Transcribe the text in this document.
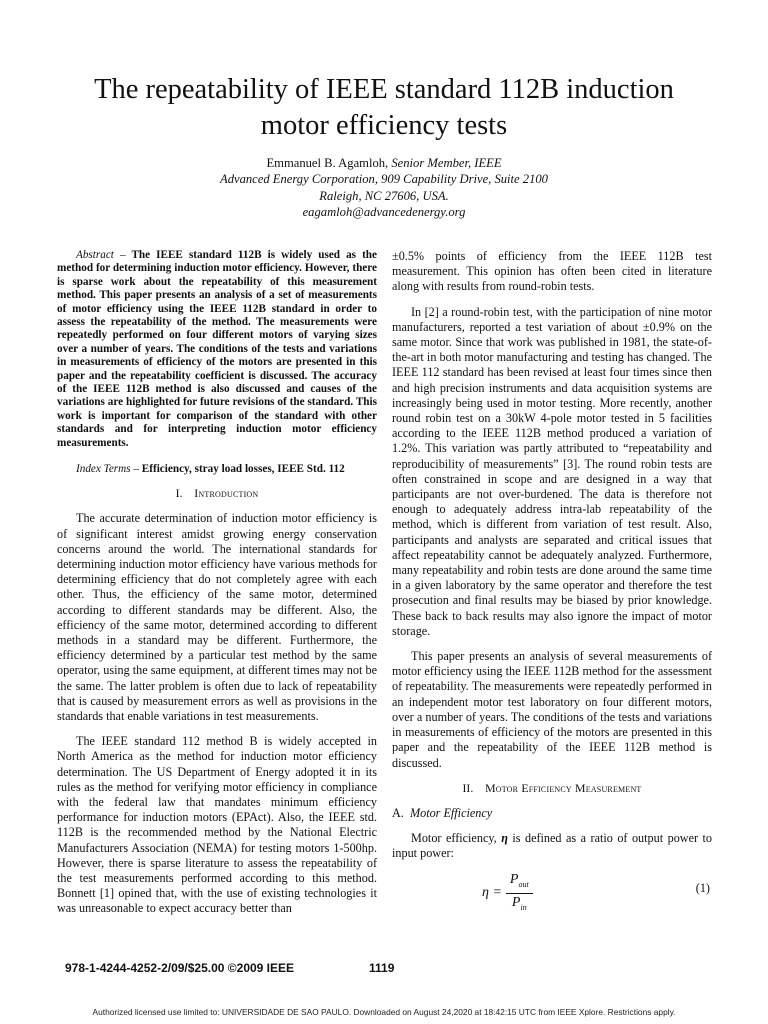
The repeatability of IEEE standard 112B induction
motor efficiency tests
Emmanuel B. Agamloh, Senior Member, IEEE
Advanced Energy Corporation, 909 Capability Drive, Suite 2100
Raleigh, NC 27606, USA.
eagamloh@advancedenergy.org

Abstract – The IEEE standard 112B is widely used as the method for determining induction motor efficiency. However, there is sparse work about the repeatability of this measurement method. This paper presents an analysis of a set of measurements of motor efficiency using the IEEE 112B standard in order to assess the repeatability of the method. The measurements were repeatedly performed on four different motors of varying sizes over a number of years. The conditions of the tests and variations in measurements of efficiency of the motors are presented in this paper and the repeatability coefficient is discussed. The accuracy of the IEEE 112B method is also discussed and causes of the variations are highlighted for future revisions of the standard. This work is important for comparison of the standard with other standards and for interpreting induction motor efficiency measurements.

Index Terms – Efficiency, stray load losses, IEEE Std. 112

I. Introduction

The accurate determination of induction motor efficiency is of significant interest amidst growing energy conservation concerns around the world. The international standards for determining induction motor efficiency have various methods for determining efficiency that do not completely agree with each other. Thus, the efficiency of the same motor, determined according to different standards may be different. Also, the efficiency of the same motor, determined according to different methods in a standard may be different. Furthermore, the efficiency determined by a particular test method by the same operator, using the same equipment, at different times may not be the same. The latter problem is often due to lack of repeatability that is caused by measurement errors as well as provisions in the standards that enable variations in test measurements.

The IEEE standard 112 method B is widely accepted in North America as the method for induction motor efficiency determination. The US Department of Energy adopted it in its rules as the method for verifying motor efficiency in compliance with the federal law that mandates minimum efficiency performance for induction motors (EPAct). Also, the IEEE std. 112B is the recommended method by the National Electric Manufacturers Association (NEMA) for testing motors 1-500hp. However, there is sparse literature to assess the repeatability of the test measurements performed according to this method. Bonnett [1] opined that, with the use of existing technologies it was unreasonable to expect accuracy better than

±0.5% points of efficiency from the IEEE 112B test measurement. This opinion has often been cited in literature along with results from round-robin tests.

In [2] a round-robin test, with the participation of nine motor manufacturers, reported a test variation of about ±0.9% on the same motor. Since that work was published in 1981, the state-of-the-art in both motor manufacturing and testing has changed. The IEEE 112 standard has been revised at least four times since then and high precision instruments and data acquisition systems are increasingly being used in motor testing. More recently, another round robin test on a 30kW 4-pole motor tested in 5 facilities according to the IEEE 112B method produced a variation of 1.2%. This variation was partly attributed to “repeatability and reproducibility of measurements” [3]. The round robin tests are often constrained in scope and are designed in a way that participants are not over-burdened. The data is therefore not enough to adequately address intra-lab repeatability of the method, which is different from variation of test result. Also, participants and analysts are separated and critical issues that affect repeatability cannot be adequately analyzed. Furthermore, many repeatability and robin tests are done around the same time in a given laboratory by the same operator and therefore the test prosecution and final results may be biased by prior knowledge. These back to back results may also ignore the impact of motor storage.

This paper presents an analysis of several measurements of motor efficiency using the IEEE 112B method for the assessment of repeatability. The measurements were repeatedly performed in an independent motor test laboratory on four different motors, over a number of years. The conditions of the tests and variations in measurements of efficiency of the motors are presented in this paper and the repeatability of the IEEE 112B method is discussed.

II. Motor Efficiency Measurement

A. Motor Efficiency

Motor efficiency, η is defined as a ratio of output power to input power:

$\eta = \frac{P_{out}}{P_{in}}$	(1)
978-1-4244-4252-2/09/$25.00 ©2009 IEEE	1119
Authorized licensed use limited to: UNIVERSIDADE DE SAO PAULO. Downloaded on August 24,2020 at 18:42:15 UTC from IEEE Xplore. Restrictions apply.
